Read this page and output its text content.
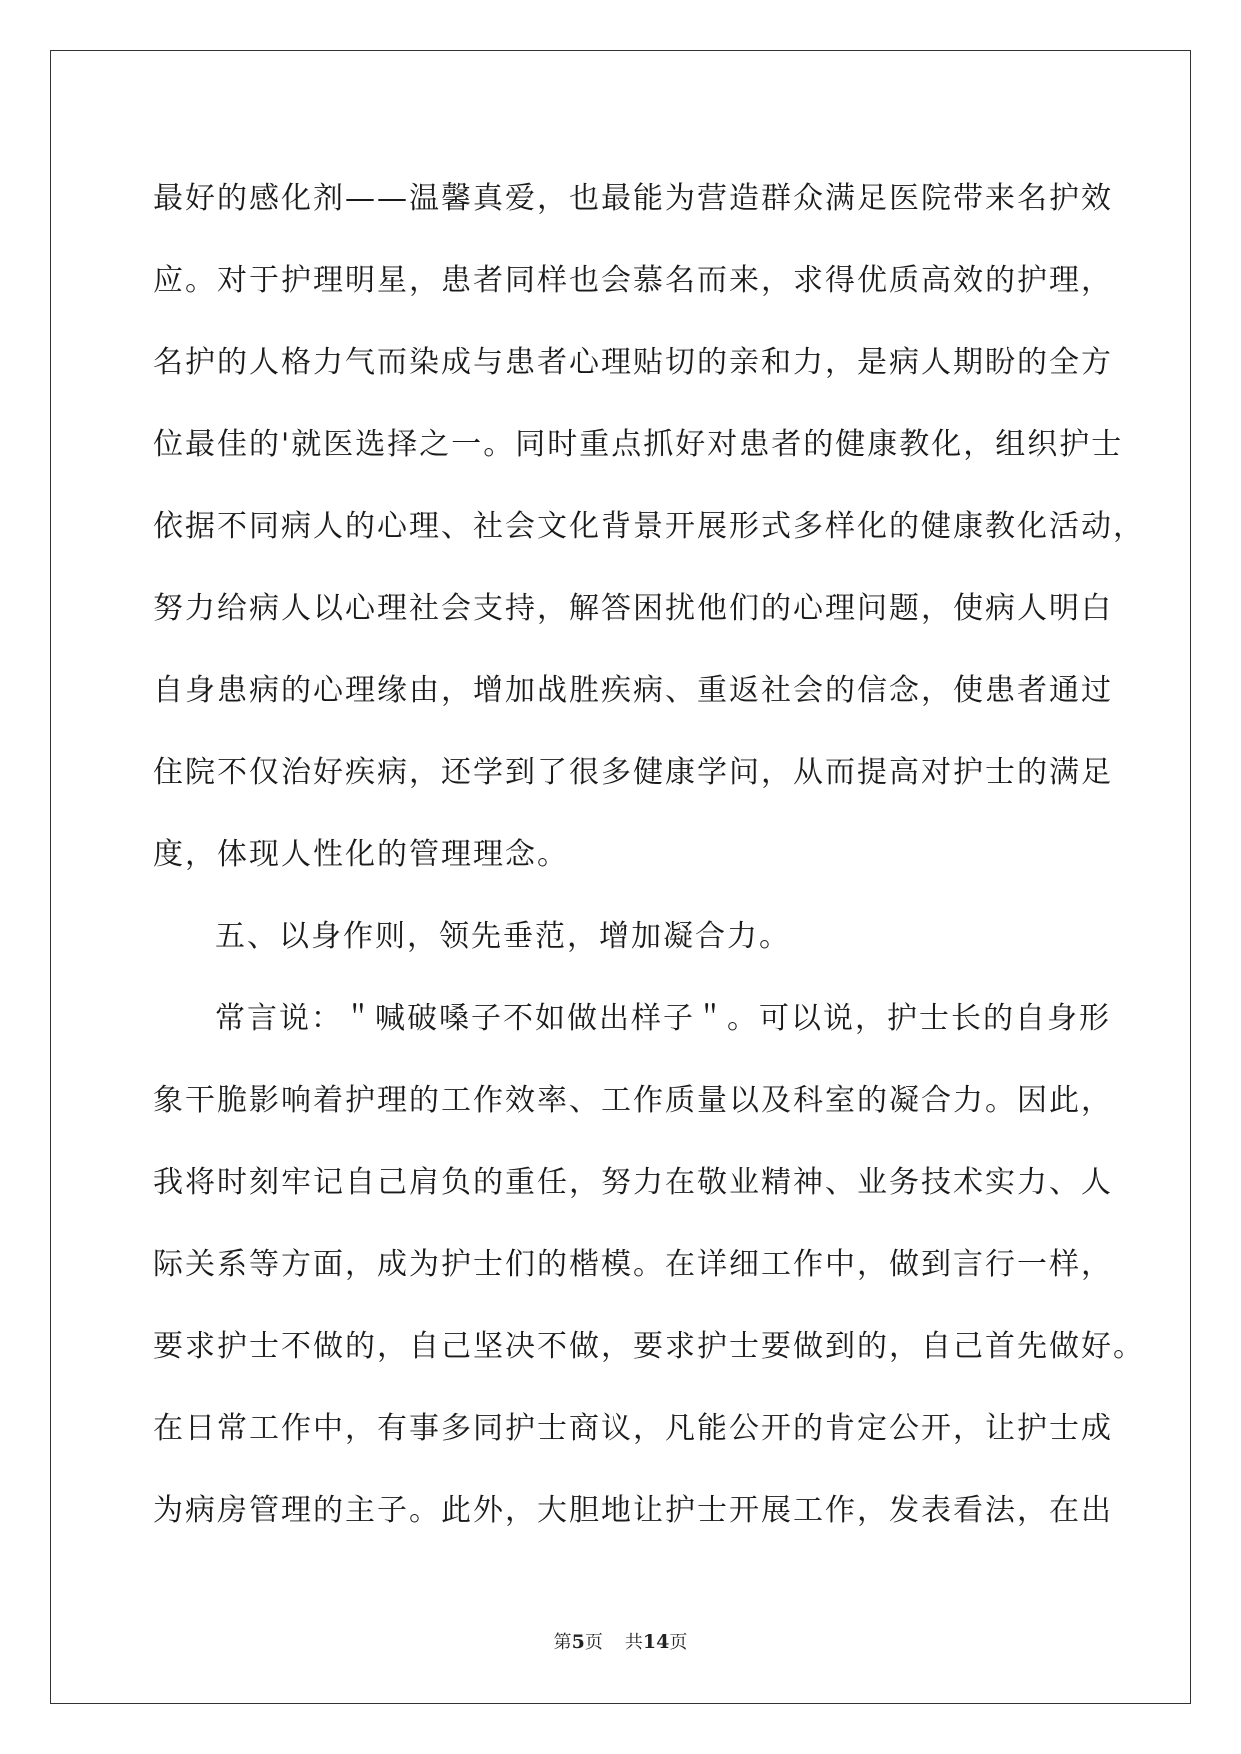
最好的感化剂——温馨真爱，也最能为营造群众满足医院带来名护效
应。对于护理明星，患者同样也会慕名而来，求得优质高效的护理，
名护的人格力气而染成与患者心理贴切的亲和力，是病人期盼的全方
位最佳的'就医选择之一。同时重点抓好对患者的健康教化，组织护士
依据不同病人的心理、社会文化背景开展形式多样化的健康教化活动，
努力给病人以心理社会支持，解答困扰他们的心理问题，使病人明白
自身患病的心理缘由，增加战胜疾病、重返社会的信念，使患者通过
住院不仅治好疾病，还学到了很多健康学问，从而提高对护士的满足
度，体现人性化的管理理念。
五、以身作则，领先垂范，增加凝合力。
常言说：＂喊破嗓子不如做出样子＂。可以说，护士长的自身形
象干脆影响着护理的工作效率、工作质量以及科室的凝合力。因此，
我将时刻牢记自己肩负的重任，努力在敬业精神、业务技术实力、人
际关系等方面，成为护士们的楷模。在详细工作中，做到言行一样，
要求护士不做的，自己坚决不做，要求护士要做到的，自己首先做好。
在日常工作中，有事多同护士商议，凡能公开的肯定公开，让护士成
为病房管理的主子。此外，大胆地让护士开展工作，发表看法，在出
第5页 共14页
